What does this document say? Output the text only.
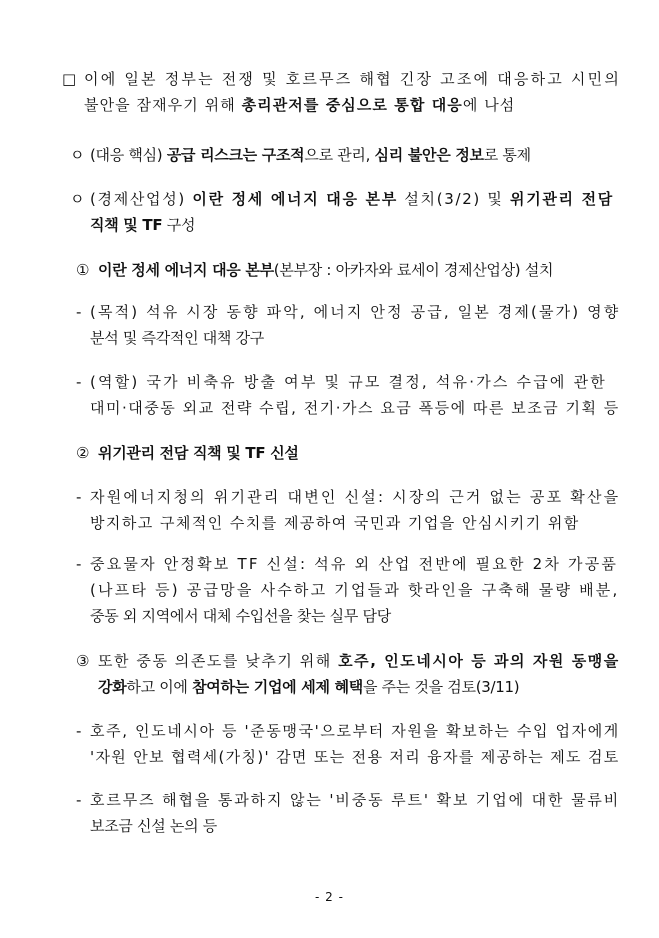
□ 이에 일본 정부는 전쟁 및 호르무즈 해협 긴장 고조에 대응하고 시민의
불안을 잠재우기 위해 총리관저를 중심으로 통합 대응에 나섬
ㅇ (대응 핵심) 공급 리스크는 구조적으로 관리, 심리 불안은 정보로 통제
ㅇ (경제산업성) 이란 정세 에너지 대응 본부 설치(3/2) 및 위기관리 전담
직책 및 TF 구성
① 이란 정세 에너지 대응 본부(본부장 : 아카자와 료세이 경제산업상) 설치
- (목적) 석유 시장 동향 파악, 에너지 안정 공급, 일본 경제(물가) 영향
분석 및 즉각적인 대책 강구
- (역할) 국가 비축유 방출 여부 및 규모 결정, 석유·가스 수급에 관한
대미·대중동 외교 전략 수립, 전기·가스 요금 폭등에 따른 보조금 기획 등
② 위기관리 전담 직책 및 TF 신설
- 자원에너지청의 위기관리 대변인 신설: 시장의 근거 없는 공포 확산을
방지하고 구체적인 수치를 제공하여 국민과 기업을 안심시키기 위함
- 중요물자 안정확보 TF 신설: 석유 외 산업 전반에 필요한 2차 가공품
(나프타 등) 공급망을 사수하고 기업들과 핫라인을 구축해 물량 배분,
중동 외 지역에서 대체 수입선을 찾는 실무 담당
③ 또한 중동 의존도를 낮추기 위해 호주, 인도네시아 등 과의 자원 동맹을
강화하고 이에 참여하는 기업에 세제 혜택을 주는 것을 검토(3/11)
- 호주, 인도네시아 등 '준동맹국'으로부터 자원을 확보하는 수입 업자에게
'자원 안보 협력세(가칭)' 감면 또는 전용 저리 융자를 제공하는 제도 검토
- 호르무즈 해협을 통과하지 않는 '비중동 루트' 확보 기업에 대한 물류비
보조금 신설 논의 등
- 2 -
